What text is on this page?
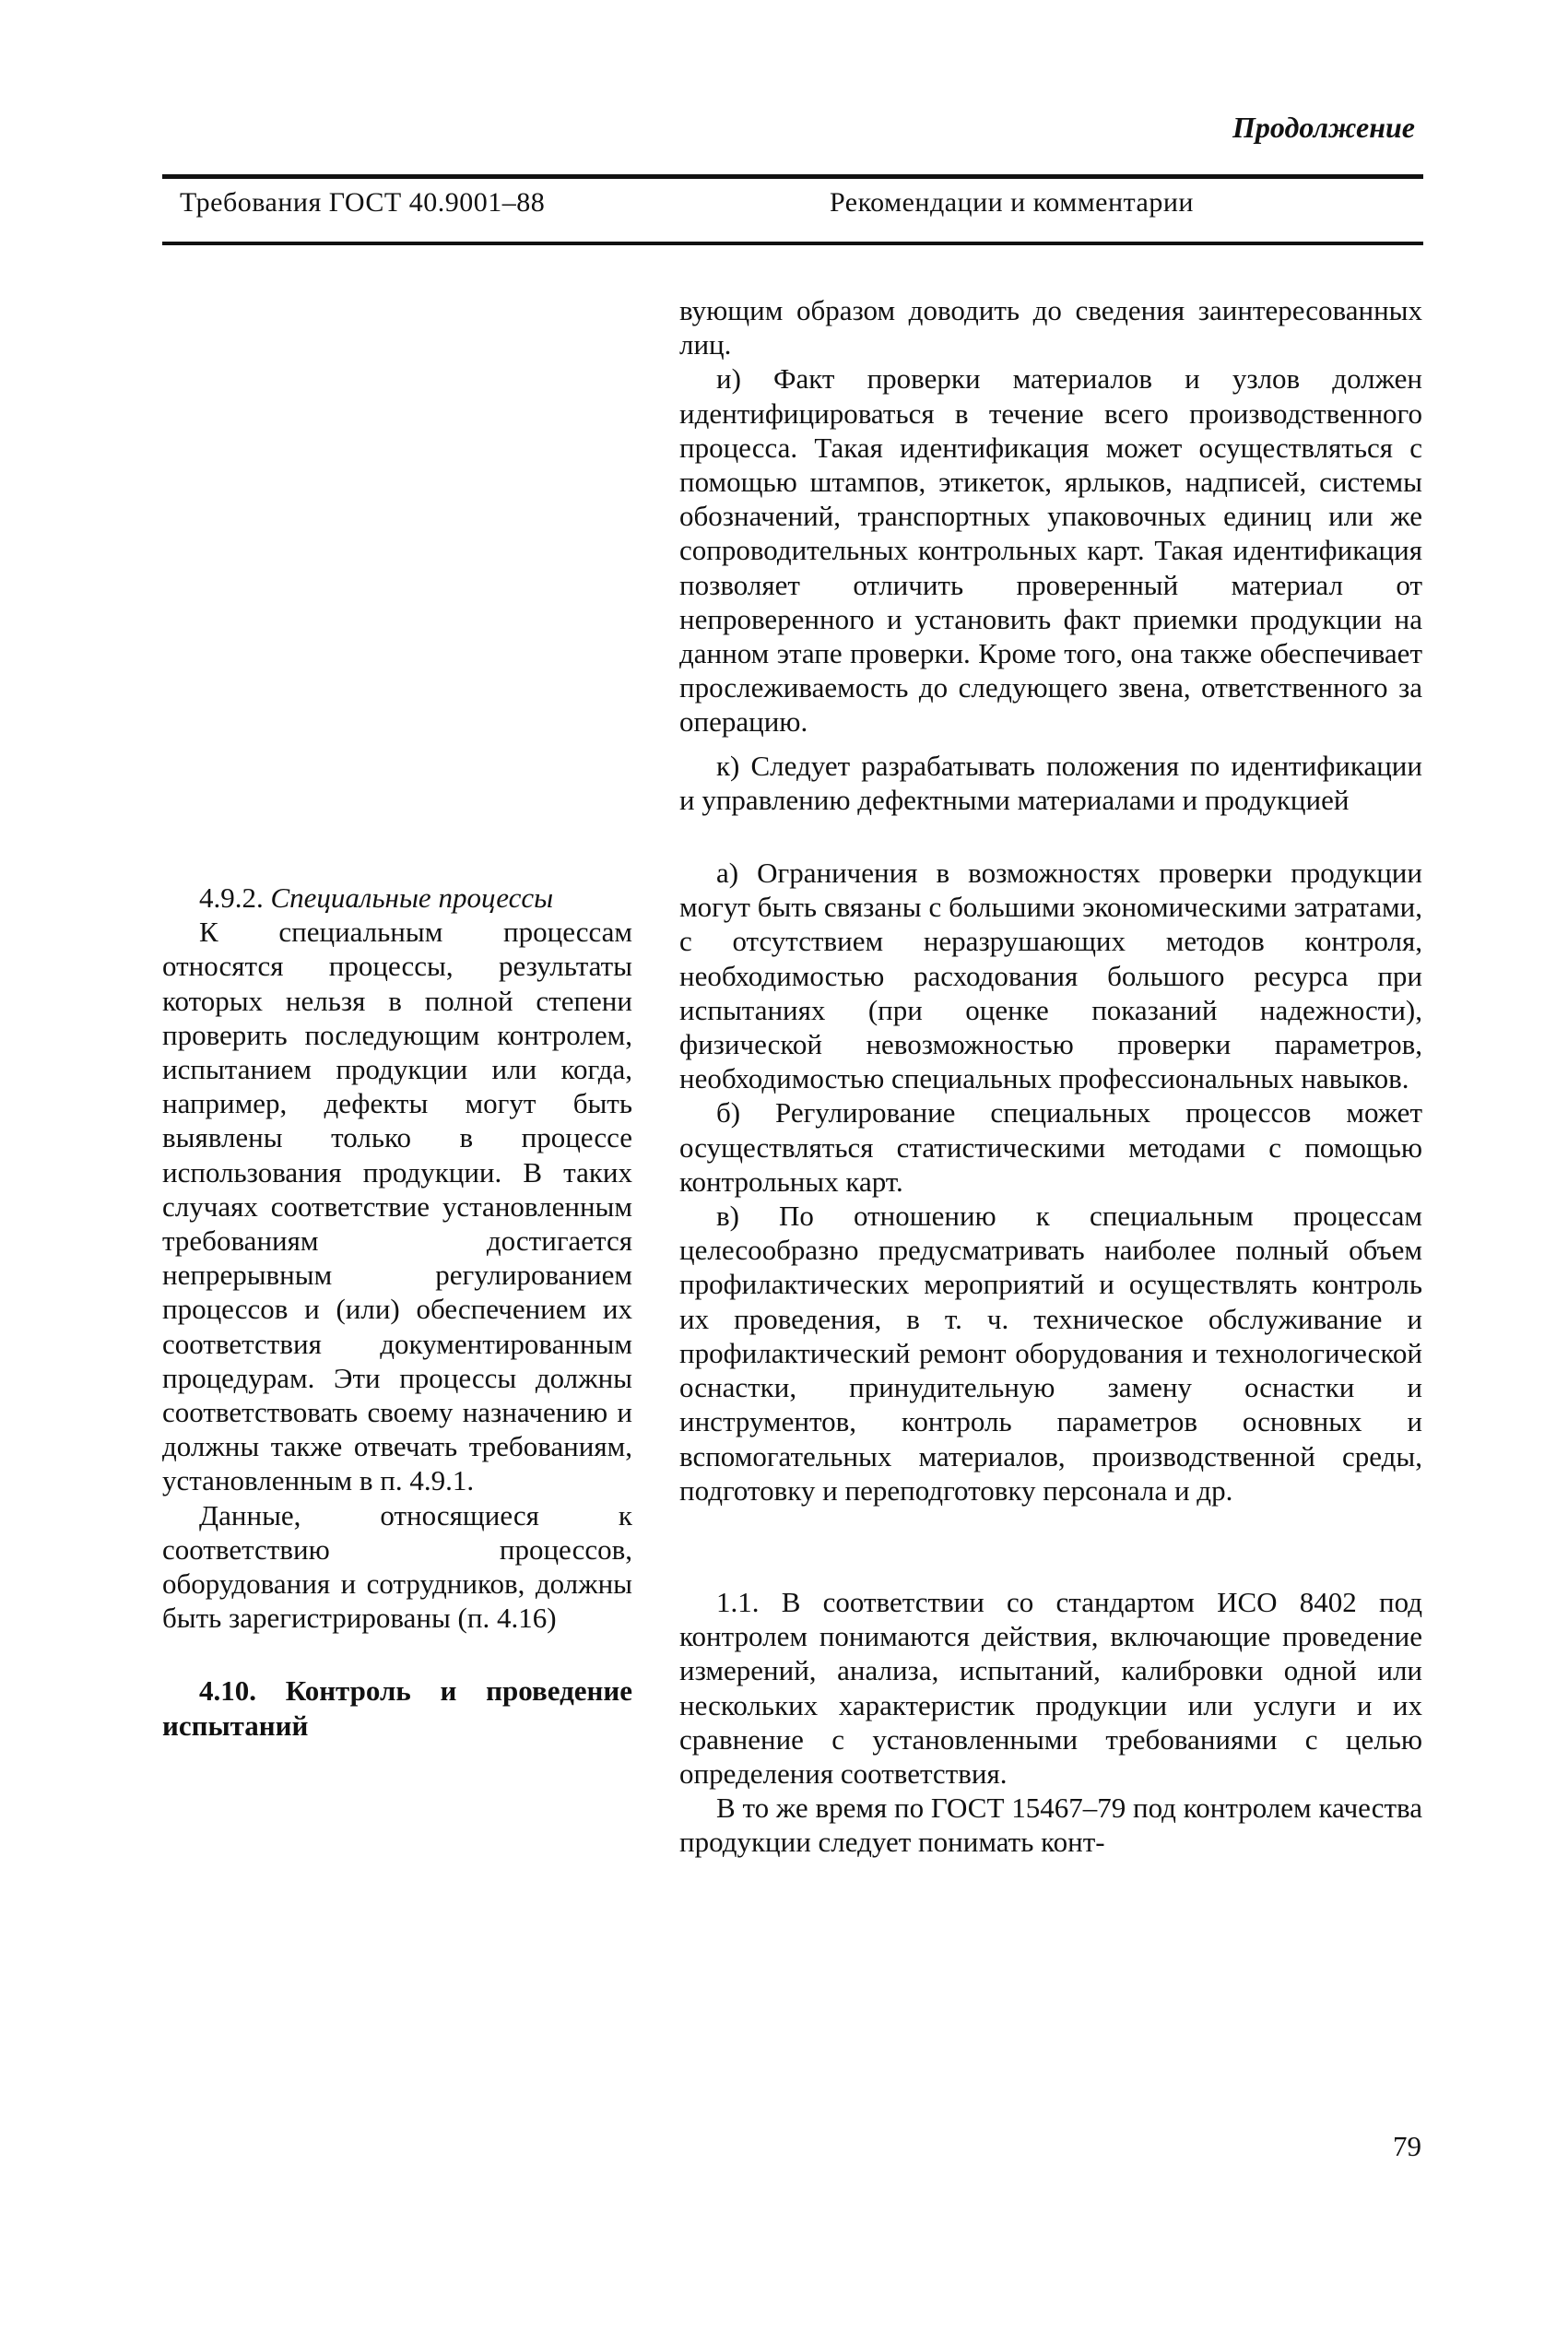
Продолжение
Требования ГОСТ 40.9001–88	Рекомендации и комментарии
4.9.2. Специальные процессы

К специальным процессам относятся процессы, результаты которых нельзя в полной степени проверить последующим контролем, испытанием продукции или когда, например, дефекты могут быть выявлены только в процессе использования продукции. В таких случаях соответствие установленным требованиям достигается непрерывным регулированием процессов и (или) обеспечением их соответствия документированным процедурам. Эти процессы должны соответствовать своему назначению и должны также отвечать требованиям, установленным в п. 4.9.1.

Данные, относящиеся к соответствию процессов, оборудования и сотрудников, должны быть зарегистрированы (п. 4.16)

4.10. Контроль и проведение испытаний

вующим образом доводить до сведения заинтересованных лиц.

и) Факт проверки материалов и узлов должен идентифицироваться в течение всего производственного процесса. Такая идентификация может осуществляться с помощью штампов, этикеток, ярлыков, надписей, системы обозначений, транспортных упаковочных единиц или же сопроводительных контрольных карт. Такая идентификация позволяет отличить проверенный материал от непроверенного и установить факт приемки продукции на данном этапе проверки. Кроме того, она также обеспечивает прослеживаемость до следующего звена, ответственного за операцию.

к) Следует разрабатывать положения по идентификации и управлению дефектными материалами и продукцией

а) Ограничения в возможностях проверки продукции могут быть связаны с большими экономическими затратами, с отсутствием неразрушающих методов контроля, необходимостью расходования большого ресурса при испытаниях (при оценке показаний надежности), физической невозможностью проверки параметров, необходимостью специальных профессиональных навыков.

б) Регулирование специальных процессов может осуществляться статистическими методами с помощью контрольных карт.

в) По отношению к специальным процессам целесообразно предусматривать наиболее полный объем профилактических мероприятий и осуществлять контроль их проведения, в т. ч. техническое обслуживание и профилактический ремонт оборудования и технологической оснастки, принудительную замену оснастки и инструментов, контроль параметров основных и вспомогательных материалов, производственной среды, подготовку и переподготовку персонала и др.

1.1. В соответствии со стандартом ИСО 8402 под контролем понимаются действия, включающие проведение измерений, анализа, испытаний, калибровки одной или нескольких характеристик продукции или услуги и их сравнение с установленными требованиями с целью определения соответствия.

В то же время по ГОСТ 15467–79 под контролем качества продукции следует понимать конт-

79
